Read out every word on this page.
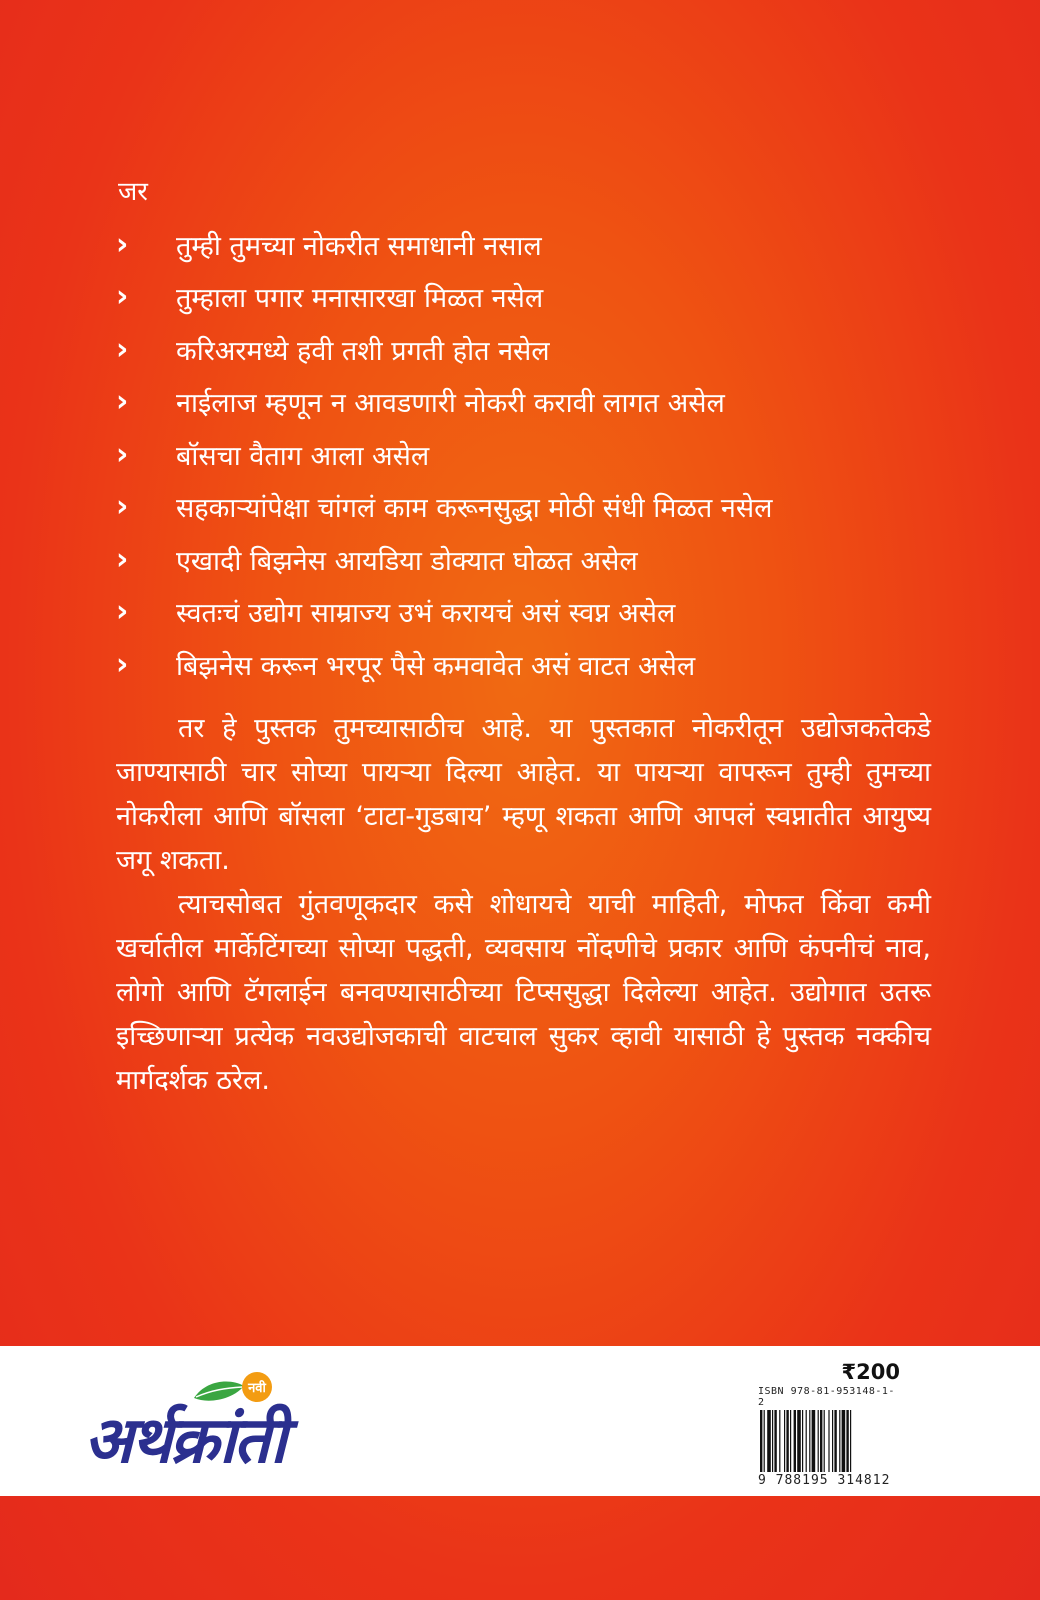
जर
›	तुम्ही तुमच्या नोकरीत समाधानी नसाल
›	तुम्हाला पगार मनासारखा मिळत नसेल
›	करिअरमध्ये हवी तशी प्रगती होत नसेल
›	नाईलाज म्हणून न आवडणारी नोकरी करावी लागत असेल
›	बॉसचा वैताग आला असेल
›	सहकाऱ्यांपेक्षा चांगलं काम करूनसुद्धा मोठी संधी मिळत नसेल
›	एखादी बिझनेस आयडिया डोक्यात घोळत असेल
›	स्वतःचं उद्योग साम्राज्य उभं करायचं असं स्वप्न असेल
›	बिझनेस करून भरपूर पैसे कमवावेत असं वाटत असेल

तर हे पुस्तक तुमच्यासाठीच आहे. या पुस्तकात नोकरीतून उद्योजकतेकडे जाण्यासाठी चार सोप्या पायऱ्या दिल्या आहेत. या पायऱ्या वापरून तुम्ही तुमच्या नोकरीला आणि बॉसला ‘टाटा-गुडबाय’ म्हणू शकता आणि आपलं स्वप्नातीत आयुष्य जगू शकता.

त्याचसोबत गुंतवणूकदार कसे शोधायचे याची माहिती, मोफत किंवा कमी खर्चातील मार्केटिंगच्या सोप्या पद्धती, व्यवसाय नोंदणीचे प्रकार आणि कंपनीचं नाव, लोगो आणि टॅगलाईन बनवण्यासाठीच्या टिप्ससुद्धा दिलेल्या आहेत. उद्योगात उतरू इच्छिणाऱ्या प्रत्येक नवउद्योजकाची वाटचाल सुकर व्हावी यासाठी हे पुस्तक नक्कीच मार्गदर्शक ठरेल.

नवी
अर्थक्रांती
₹200
ISBN 978-81-953148-1-2
9 788195 314812
